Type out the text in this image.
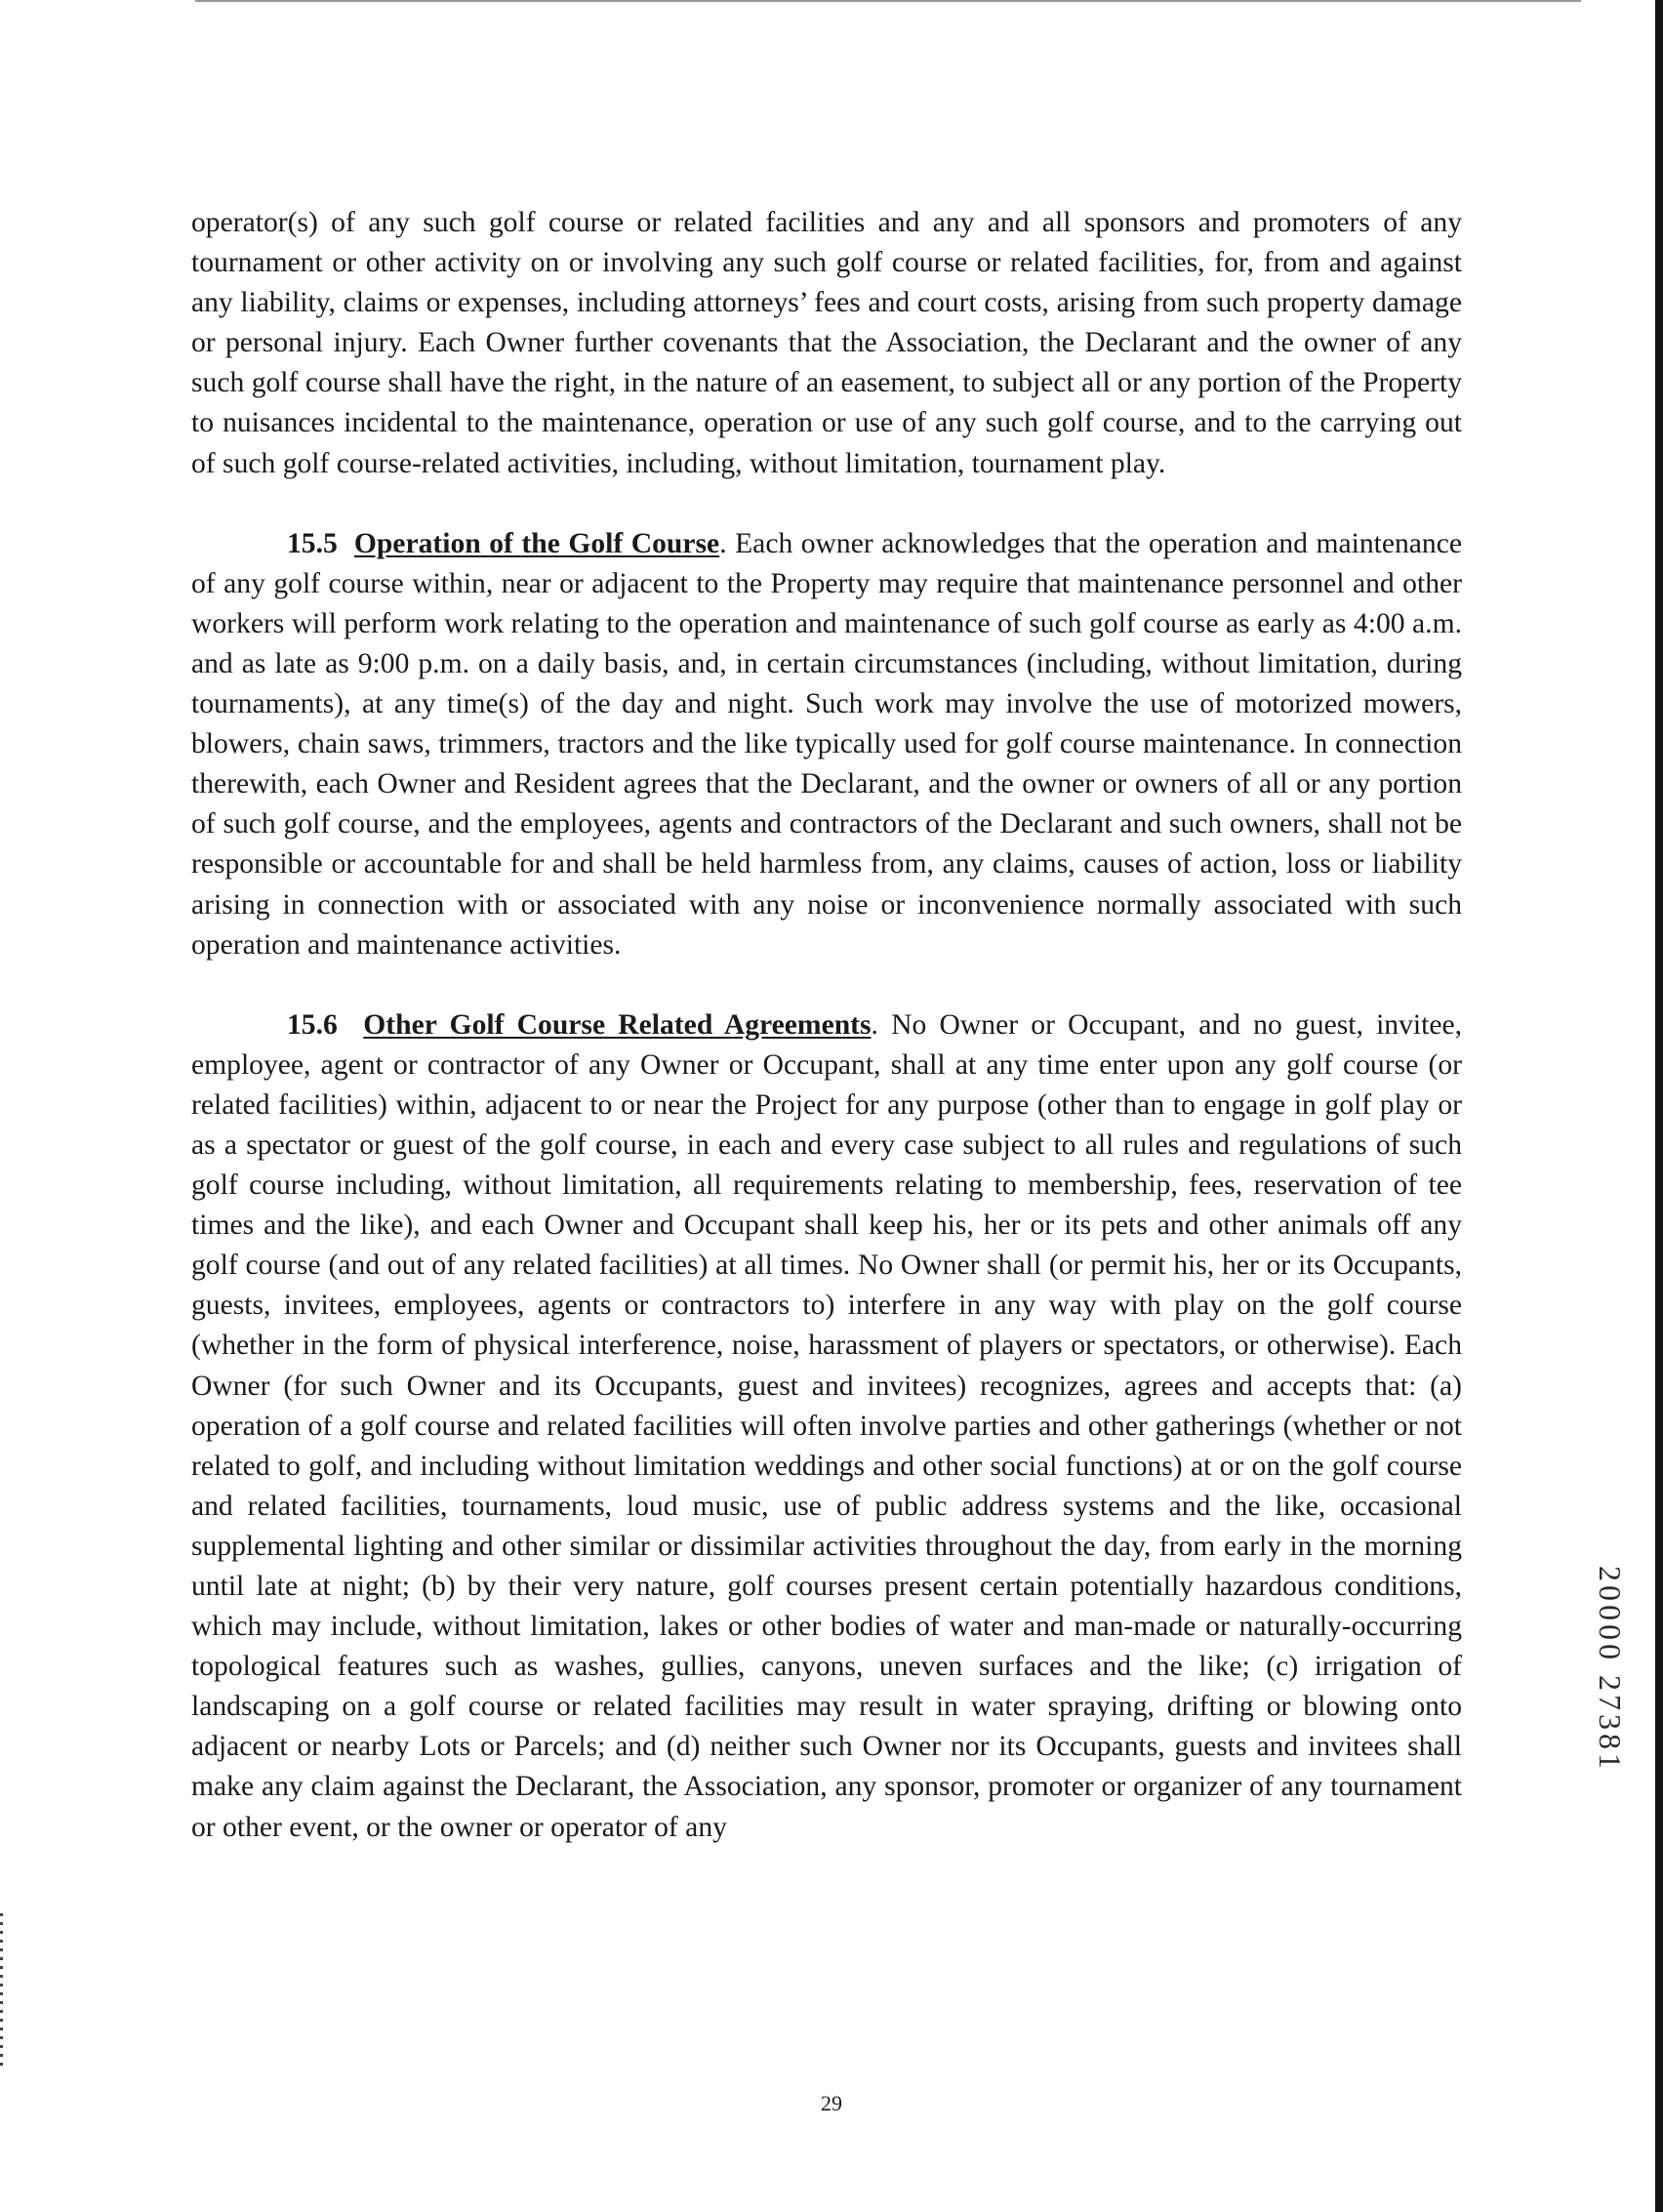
operator(s) of any such golf course or related facilities and any and all sponsors and promoters of any tournament or other activity on or involving any such golf course or related facilities, for, from and against any liability, claims or expenses, including attorneys’ fees and court costs, arising from such property damage or personal injury. Each Owner further covenants that the Association, the Declarant and the owner of any such golf course shall have the right, in the nature of an easement, to subject all or any portion of the Property to nuisances incidental to the maintenance, operation or use of any such golf course, and to the carrying out of such golf course-related activities, including, without limitation, tournament play.

15.5 Operation of the Golf Course. Each owner acknowledges that the operation and maintenance of any golf course within, near or adjacent to the Property may require that maintenance personnel and other workers will perform work relating to the operation and maintenance of such golf course as early as 4:00 a.m. and as late as 9:00 p.m. on a daily basis, and, in certain circumstances (including, without limitation, during tournaments), at any time(s) of the day and night. Such work may involve the use of motorized mowers, blowers, chain saws, trimmers, tractors and the like typically used for golf course maintenance. In connection therewith, each Owner and Resident agrees that the Declarant, and the owner or owners of all or any portion of such golf course, and the employees, agents and contractors of the Declarant and such owners, shall not be responsible or accountable for and shall be held harmless from, any claims, causes of action, loss or liability arising in connection with or associated with any noise or inconvenience normally associated with such operation and maintenance activities.

15.6 Other Golf Course Related Agreements. No Owner or Occupant, and no guest, invitee, employee, agent or contractor of any Owner or Occupant, shall at any time enter upon any golf course (or related facilities) within, adjacent to or near the Project for any purpose (other than to engage in golf play or as a spectator or guest of the golf course, in each and every case subject to all rules and regulations of such golf course including, without limitation, all requirements relating to membership, fees, reservation of tee times and the like), and each Owner and Occupant shall keep his, her or its pets and other animals off any golf course (and out of any related facilities) at all times. No Owner shall (or permit his, her or its Occupants, guests, invitees, employees, agents or contractors to) interfere in any way with play on the golf course (whether in the form of physical interference, noise, harassment of players or spectators, or otherwise). Each Owner (for such Owner and its Occupants, guest and invitees) recognizes, agrees and accepts that: (a) operation of a golf course and related facilities will often involve parties and other gatherings (whether or not related to golf, and including without limitation weddings and other social functions) at or on the golf course and related facilities, tournaments, loud music, use of public address systems and the like, occasional supplemental lighting and other similar or dissimilar activities throughout the day, from early in the morning until late at night; (b) by their very nature, golf courses present certain potentially hazardous conditions, which may include, without limitation, lakes or other bodies of water and man-made or naturally-occurring topological features such as washes, gullies, canyons, uneven surfaces and the like; (c) irrigation of landscaping on a golf course or related facilities may result in water spraying, drifting or blowing onto adjacent or nearby Lots or Parcels; and (d) neither such Owner nor its Occupants, guests and invitees shall make any claim against the Declarant, the Association, any sponsor, promoter or organizer of any tournament or other event, or the owner or operator of any

20000 27381
29
